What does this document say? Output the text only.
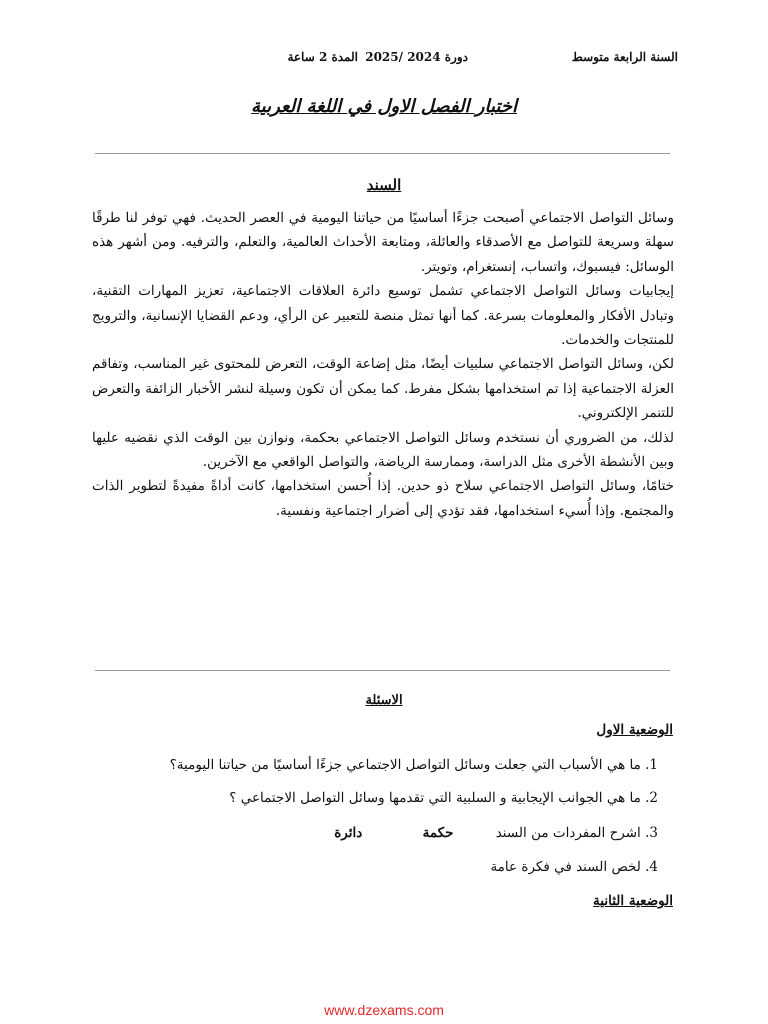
السنة الرابعة متوسط
دورة 2024 /2025
المدة 2 ساعة
اختبار الفصل الاول في اللغة العربية
السند

وسائل التواصل الاجتماعي أصبحت جزءًا أساسيًا من حياتنا اليومية في العصر الحديث. فهي توفر لنا طرقًا سهلة وسريعة للتواصل مع الأصدقاء والعائلة، ومتابعة الأحداث العالمية، والتعلم، والترفيه. ومن أشهر هذه الوسائل: فيسبوك، واتساب، إنستغرام، وتويتر.

إيجابيات وسائل التواصل الاجتماعي تشمل توسيع دائرة العلاقات الاجتماعية، تعزيز المهارات التقنية، وتبادل الأفكار والمعلومات بسرعة. كما أنها تمثل منصة للتعبير عن الرأي، ودعم القضايا الإنسانية، والترويج للمنتجات والخدمات.

لكن، وسائل التواصل الاجتماعي سلبيات أيضًا، مثل إضاعة الوقت، التعرض للمحتوى غير المناسب، وتفاقم العزلة الاجتماعية إذا تم استخدامها بشكل مفرط. كما يمكن أن تكون وسيلة لنشر الأخبار الزائفة والتعرض للتنمر الإلكتروني.

لذلك، من الضروري أن نستخدم وسائل التواصل الاجتماعي بحكمة، ونوازن بين الوقت الذي نقضيه عليها وبين الأنشطة الأخرى مثل الدراسة، وممارسة الرياضة، والتواصل الواقعي مع الآخرين.

ختامًا، وسائل التواصل الاجتماعي سلاح ذو حدين. إذا أُحسن استخدامها، كانت أداةً مفيدةً لتطوير الذات والمجتمع. وإذا أُسيء استخدامها، فقد تؤدي إلى أضرار اجتماعية ونفسية.

الاسئلة
الوضعية الاول
1. ما هي الأسباب التي جعلت وسائل التواصل الاجتماعي جزءًا أساسيًا من حياتنا اليومية؟
2. ما هي الجوانب الإيجابية و السلبية التي تقدمها وسائل التواصل الاجتماعي ؟
3. اشرح المفردات من السند حكمة دائرة
4. لخص السند في فكرة عامة
الوضعية الثانية
www.dzexams.com
